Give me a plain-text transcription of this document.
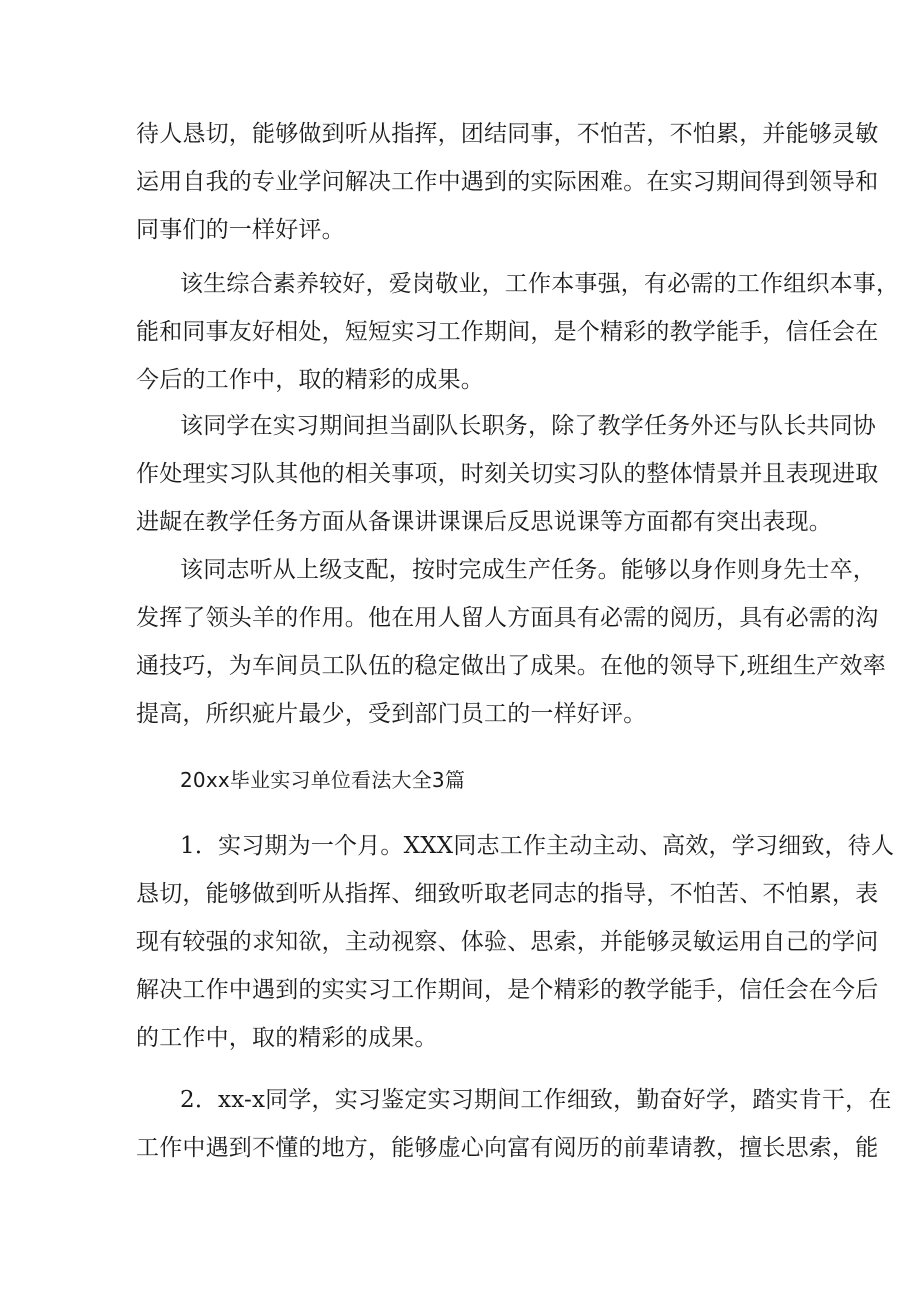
待人恳切，能够做到听从指挥，团结同事，不怕苦，不怕累，并能够灵敏
运用自我的专业学问解决工作中遇到的实际困难。在实习期间得到领导和
同事们的一样好评。
该生综合素养较好，爱岗敬业，工作本事强，有必需的工作组织本事，
能和同事友好相处，短短实习工作期间，是个精彩的教学能手，信任会在
今后的工作中，取的精彩的成果。
该同学在实习期间担当副队长职务，除了教学任务外还与队长共同协
作处理实习队其他的相关事项，时刻关切实习队的整体情景并且表现进取
进龊在教学任务方面从备课讲课课后反思说课等方面都有突出表现。
该同志听从上级支配，按时完成生产任务。能够以身作则身先士卒，
发挥了领头羊的作用。他在用人留人方面具有必需的阅历，具有必需的沟
通技巧，为车间员工队伍的稳定做出了成果。在他的领导下,班组生产效率
提高，所织疵片最少，受到部门员工的一样好评。
20xx毕业实习单位看法大全3篇
1．实习期为一个月。XXX同志工作主动主动、高效，学习细致，待人
恳切，能够做到听从指挥、细致听取老同志的指导，不怕苦、不怕累，表
现有较强的求知欲，主动视察、体验、思索，并能够灵敏运用自己的学问
解决工作中遇到的实实习工作期间，是个精彩的教学能手，信任会在今后
的工作中，取的精彩的成果。
2．xx-x同学，实习鉴定实习期间工作细致，勤奋好学，踏实肯干，在
工作中遇到不懂的地方，能够虚心向富有阅历的前辈请教，擅长思索，能
